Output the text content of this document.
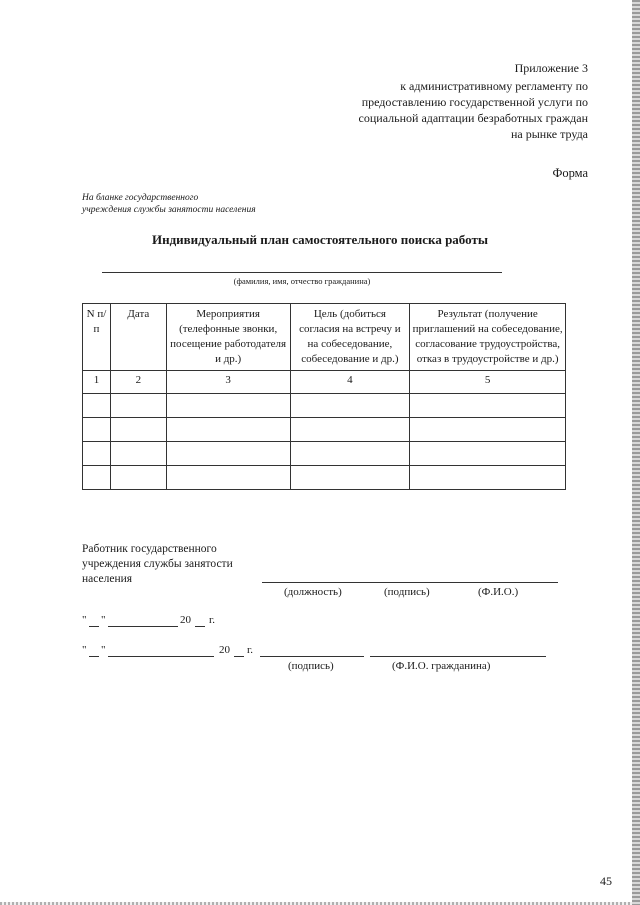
Приложение 3
к административному регламенту по
предоставлению государственной услуги по
социальной адаптации безработных граждан
на рынке труда
Форма
На бланке государственного
учреждения службы занятости населения
Индивидуальный план самостоятельного поиска работы
(фамилия, имя, отчество гражданина)
N п/п	Дата	Мероприятия (телефонные звонки, посещение работодателя и др.)	Цель (добиться согласия на встречу и на собеседование, собеседование и др.)	Результат (получение приглашений на собеседование, согласование трудоустройства, отказ в трудоустройстве и др.)
1	2	3	4	5

Работник государственного
учреждения службы занятости
населения
(должность)	(подпись)	(Ф.И.О.)
" "	20 г.
" "	20 г.
(подпись)	(Ф.И.О. гражданина)
45
